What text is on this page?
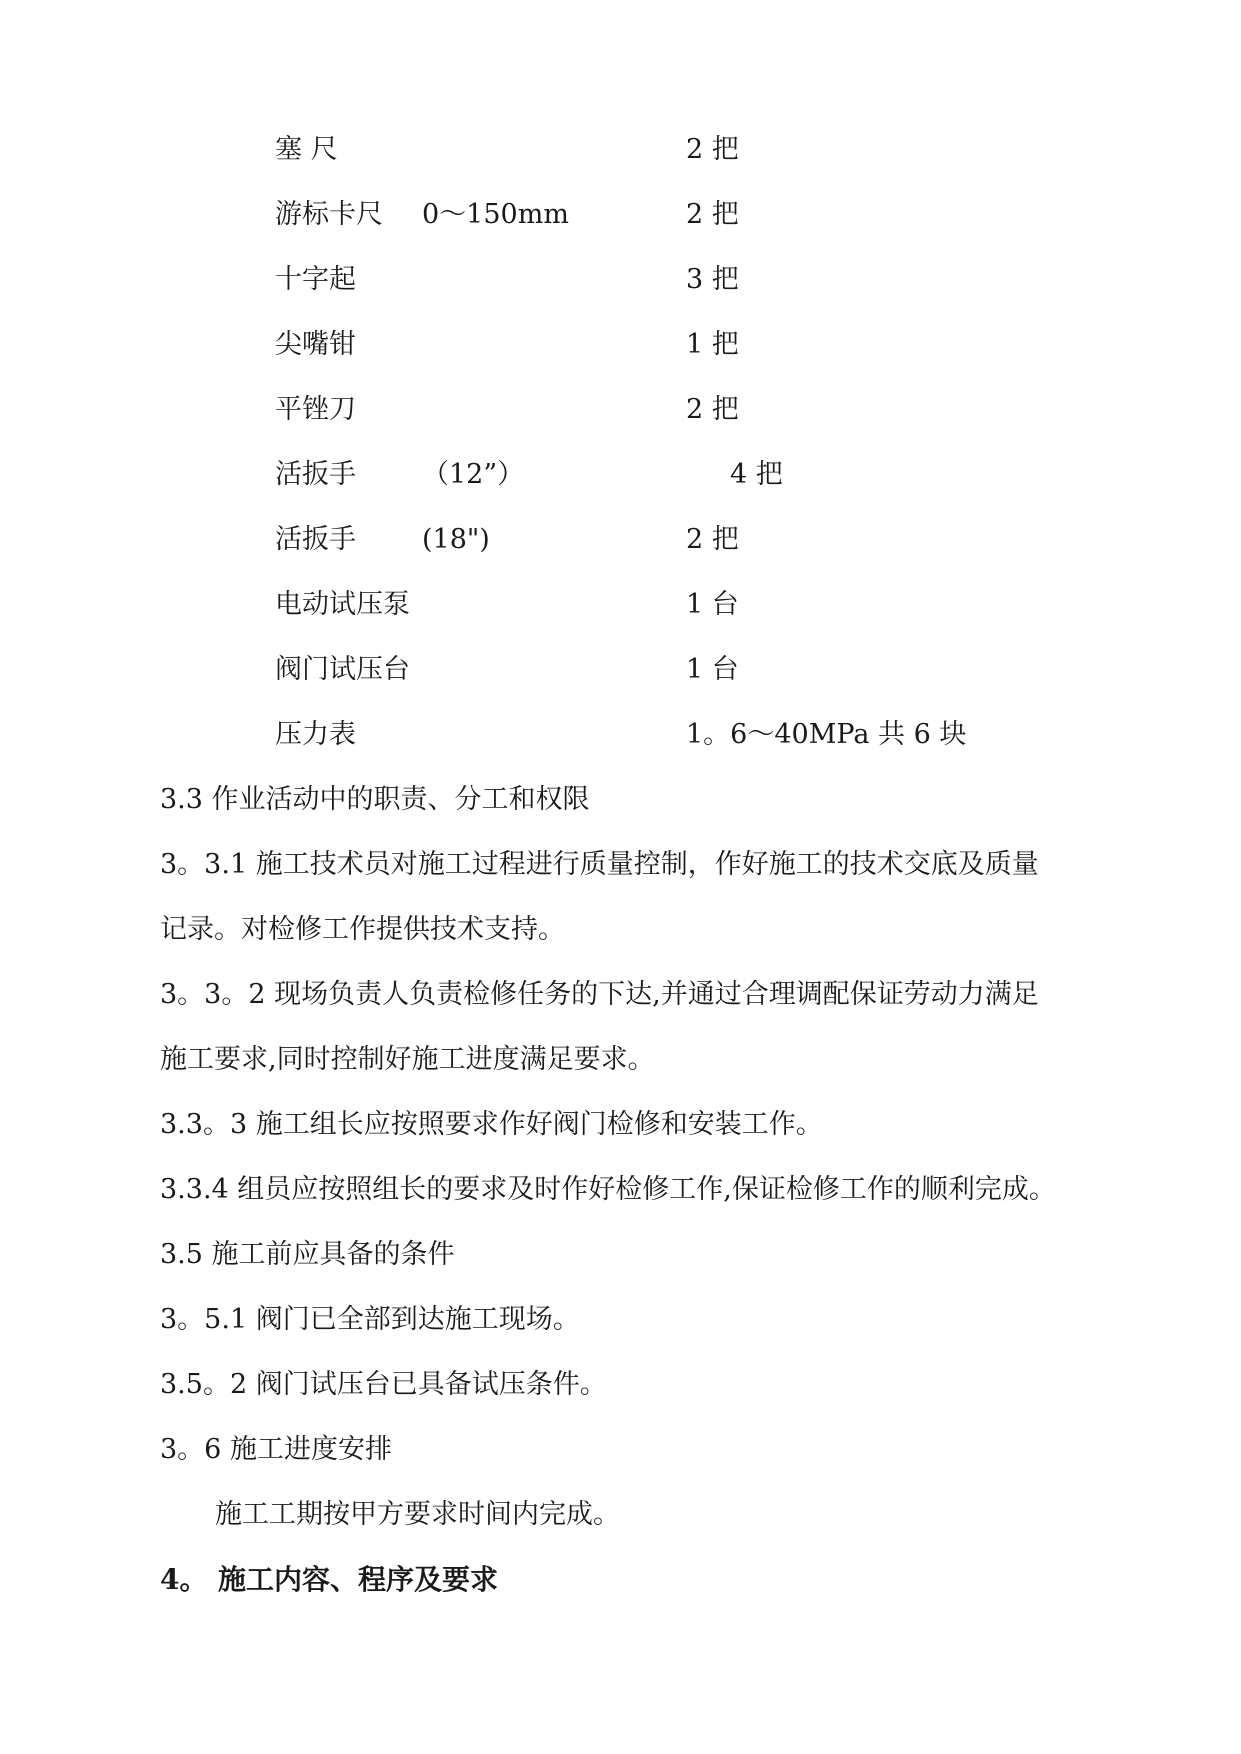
塞 尺	2 把
游标卡尺 0～150mm	2 把
十字起	3 把
尖嘴钳	1 把
平锉刀	2 把
活扳手 （12”）	4 把
活扳手 (18")	2 把
电动试压泵	1 台
阀门试压台	1 台
压力表	1。6～40MPa 共 6 块
3.3 作业活动中的职责、分工和权限
3。3.1 施工技术员对施工过程进行质量控制，作好施工的技术交底及质量
记录。对检修工作提供技术支持。
3。3。2 现场负责人负责检修任务的下达,并通过合理调配保证劳动力满足
施工要求,同时控制好施工进度满足要求。
3.3。3 施工组长应按照要求作好阀门检修和安装工作。
3.3.4 组员应按照组长的要求及时作好检修工作,保证检修工作的顺利完成。
3.5 施工前应具备的条件
3。5.1 阀门已全部到达施工现场。
3.5。2 阀门试压台已具备试压条件。
3。6 施工进度安排
施工工期按甲方要求时间内完成。
4。 施工内容、程序及要求
